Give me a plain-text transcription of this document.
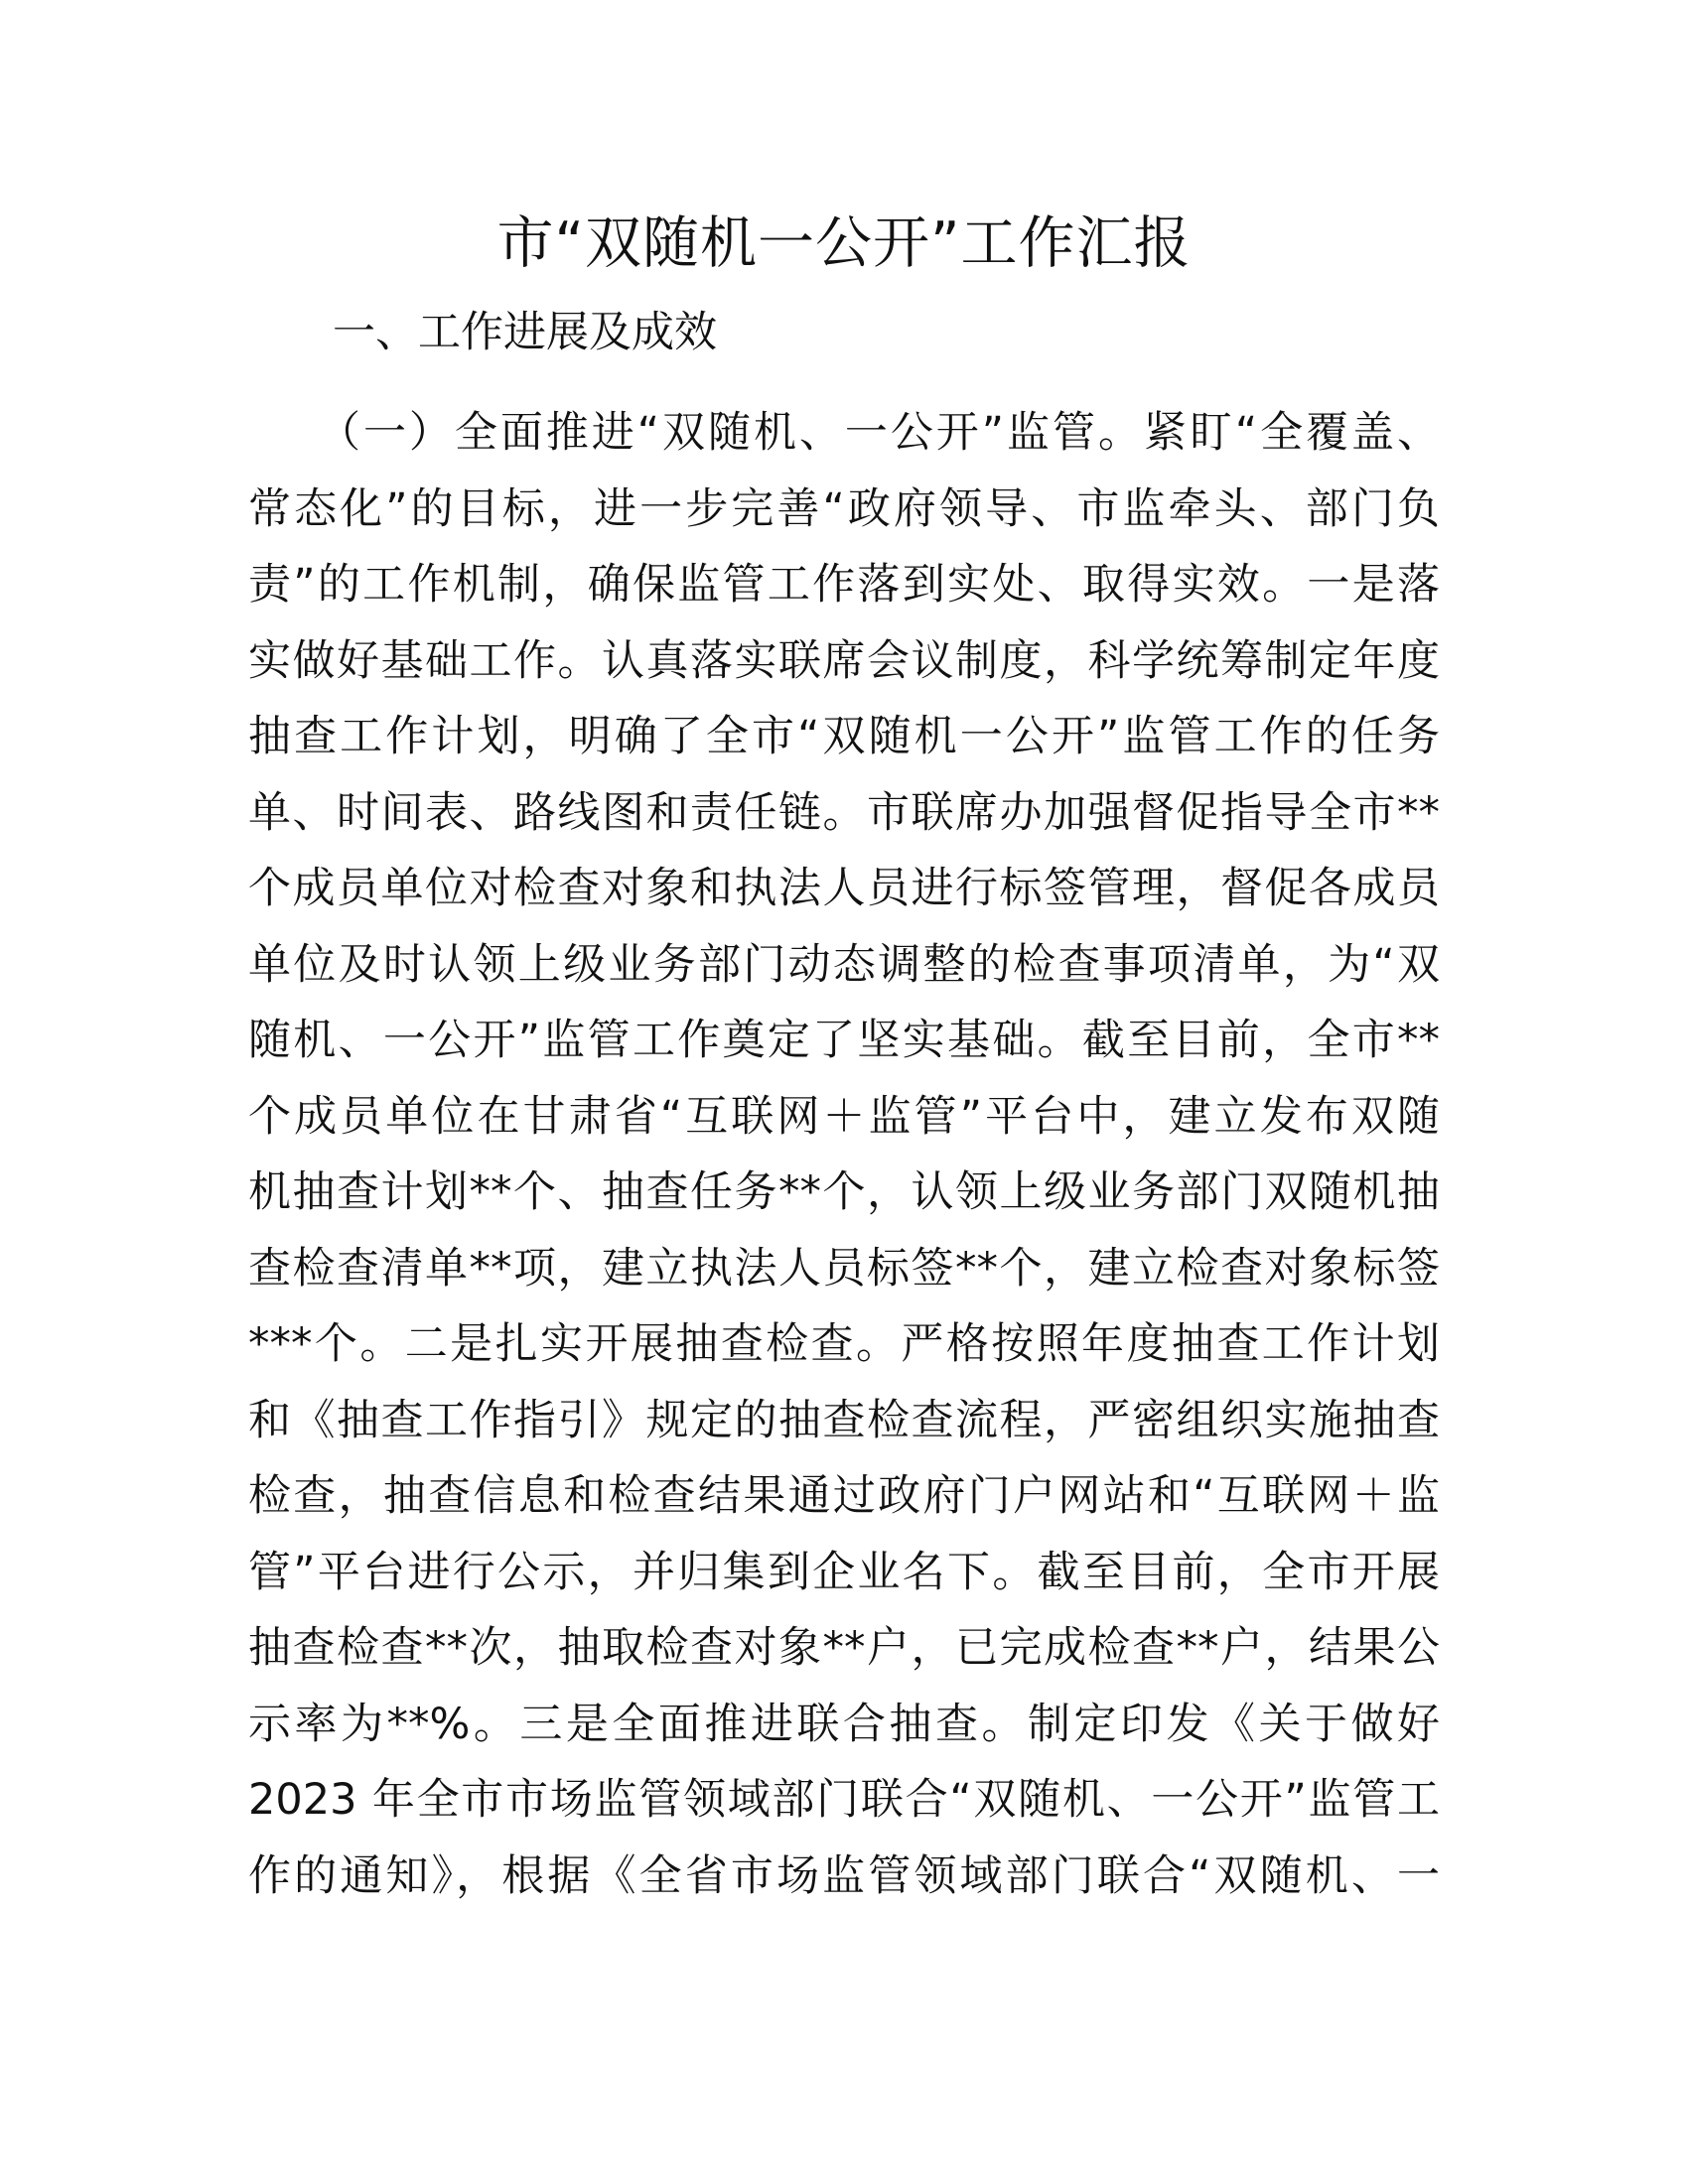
市“双随机一公开”工作汇报
一、工作进展及成效
（一）全面推进“双随机、一公开”监管。紧盯“全覆盖、
常态化”的目标，进一步完善“政府领导、市监牵头、部门负
责”的工作机制，确保监管工作落到实处、取得实效。一是落
实做好基础工作。认真落实联席会议制度，科学统筹制定年度
抽查工作计划，明确了全市“双随机一公开”监管工作的任务
单、时间表、路线图和责任链。市联席办加强督促指导全市**
个成员单位对检查对象和执法人员进行标签管理，督促各成员
单位及时认领上级业务部门动态调整的检查事项清单，为“双
随机、一公开”监管工作奠定了坚实基础。截至目前，全市**
个成员单位在甘肃省“互联网＋监管”平台中，建立发布双随
机抽查计划**个、抽查任务**个，认领上级业务部门双随机抽
查检查清单**项，建立执法人员标签**个，建立检查对象标签
***个。二是扎实开展抽查检查。严格按照年度抽查工作计划
和《抽查工作指引》规定的抽查检查流程，严密组织实施抽查
检查，抽查信息和检查结果通过政府门户网站和“互联网＋监
管”平台进行公示，并归集到企业名下。截至目前，全市开展
抽查检查**次，抽取检查对象**户，已完成检查**户，结果公
示率为**%。三是全面推进联合抽查。制定印发《关于做好
2023 年全市市场监管领域部门联合“双随机、一公开”监管工
作的通知》，根据《全省市场监管领域部门联合“双随机、一
